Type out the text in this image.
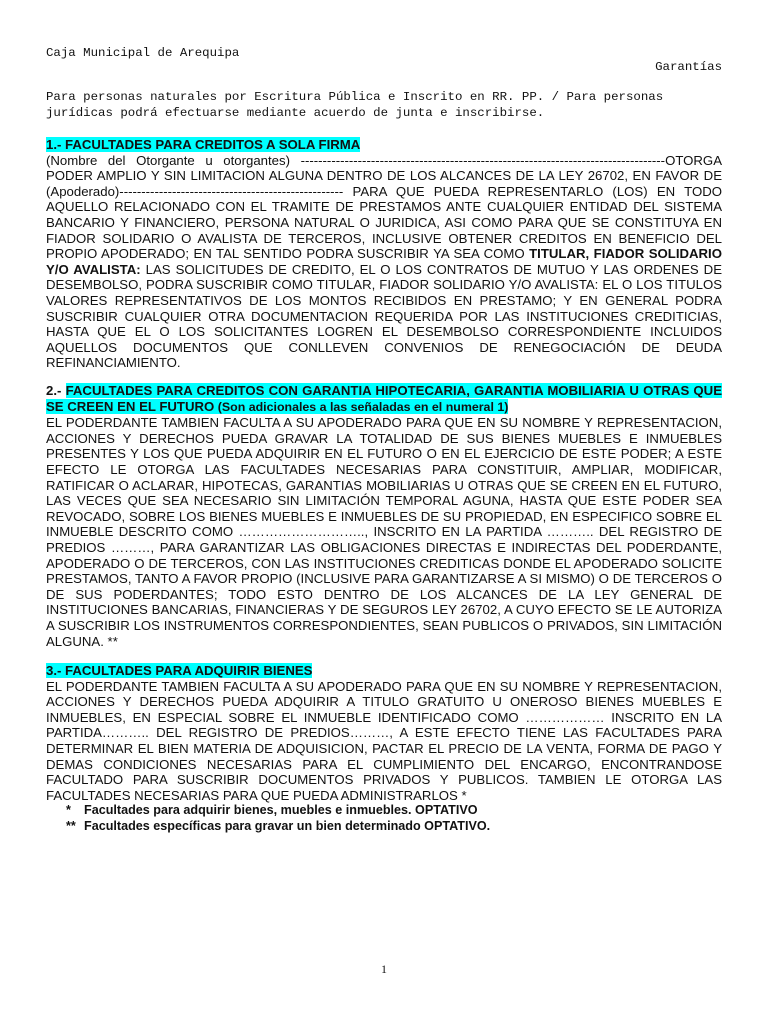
Caja Municipal de Arequipa
Garantías
Para personas naturales por Escritura Pública e Inscrito en RR. PP. / Para personas
jurídicas podrá efectuarse mediante acuerdo de junta e inscribirse.
1.- FACULTADES PARA CREDITOS A SOLA FIRMA
(Nombre del Otorgante u otorgantes) -----------------------------------------------------------------------------------OTORGA PODER AMPLIO Y SIN LIMITACION ALGUNA DENTRO DE LOS ALCANCES DE LA LEY 26702, EN FAVOR DE (Apoderado)--------------------------------------------------- PARA QUE PUEDA REPRESENTARLO (LOS) EN TODO AQUELLO RELACIONADO CON EL TRAMITE DE PRESTAMOS ANTE CUALQUIER ENTIDAD DEL SISTEMA BANCARIO Y FINANCIERO, PERSONA NATURAL O JURIDICA, ASI COMO PARA QUE SE CONSTITUYA EN FIADOR SOLIDARIO O AVALISTA DE TERCEROS, INCLUSIVE OBTENER CREDITOS EN BENEFICIO DEL PROPIO APODERADO; EN TAL SENTIDO PODRA SUSCRIBIR YA SEA COMO TITULAR, FIADOR SOLIDARIO Y/O AVALISTA: LAS SOLICITUDES DE CREDITO, EL O LOS CONTRATOS DE MUTUO Y LAS ORDENES DE DESEMBOLSO, PODRA SUSCRIBIR COMO TITULAR, FIADOR SOLIDARIO Y/O AVALISTA: EL O LOS TITULOS VALORES REPRESENTATIVOS DE LOS MONTOS RECIBIDOS EN PRESTAMO; Y EN GENERAL PODRA SUSCRIBIR CUALQUIER OTRA DOCUMENTACION REQUERIDA POR LAS INSTITUCIONES CREDITICIAS, HASTA QUE EL O LOS SOLICITANTES LOGREN EL DESEMBOLSO CORRESPONDIENTE INCLUIDOS AQUELLOS DOCUMENTOS QUE CONLLEVEN CONVENIOS DE RENEGOCIACIÓN DE DEUDA REFINANCIAMIENTO.
2.- FACULTADES PARA CREDITOS CON GARANTIA HIPOTECARIA, GARANTIA MOBILIARIA U OTRAS QUE SE CREEN EN EL FUTURO (Son adicionales a las señaladas en el numeral 1)
EL PODERDANTE TAMBIEN FACULTA A SU APODERADO PARA QUE EN SU NOMBRE Y REPRESENTACION, ACCIONES Y DERECHOS PUEDA GRAVAR LA TOTALIDAD DE SUS BIENES MUEBLES E INMUEBLES PRESENTES Y LOS QUE PUEDA ADQUIRIR EN EL FUTURO O EN EL EJERCICIO DE ESTE PODER; A ESTE EFECTO LE OTORGA LAS FACULTADES NECESARIAS PARA CONSTITUIR, AMPLIAR, MODIFICAR, RATIFICAR O ACLARAR, HIPOTECAS, GARANTIAS MOBILIARIAS U OTRAS QUE SE CREEN EN EL FUTURO, LAS VECES QUE SEA NECESARIO SIN LIMITACIÓN TEMPORAL AGUNA, HASTA QUE ESTE PODER SEA REVOCADO, SOBRE LOS BIENES MUEBLES E INMUEBLES DE SU PROPIEDAD, EN ESPECIFICO SOBRE EL INMUEBLE DESCRITO COMO ……………………….., INSCRITO EN LA PARTIDA ……….. DEL REGISTRO DE PREDIOS ………, PARA GARANTIZAR LAS OBLIGACIONES DIRECTAS E INDIRECTAS DEL PODERDANTE, APODERADO O DE TERCEROS, CON LAS INSTITUCIONES CREDITICAS DONDE EL APODERADO SOLICITE PRESTAMOS, TANTO A FAVOR PROPIO (INCLUSIVE PARA GARANTIZARSE A SI MISMO) O DE TERCEROS O DE SUS PODERDANTES; TODO ESTO DENTRO DE LOS ALCANCES DE LA LEY GENERAL DE INSTITUCIONES BANCARIAS, FINANCIERAS Y DE SEGUROS LEY 26702, A CUYO EFECTO SE LE AUTORIZA A SUSCRIBIR LOS INSTRUMENTOS CORRESPONDIENTES, SEAN PUBLICOS O PRIVADOS, SIN LIMITACIÓN ALGUNA. **
3.- FACULTADES PARA ADQUIRIR BIENES
EL PODERDANTE TAMBIEN FACULTA A SU APODERADO PARA QUE EN SU NOMBRE Y REPRESENTACION, ACCIONES Y DERECHOS PUEDA ADQUIRIR A TITULO GRATUITO U ONEROSO BIENES MUEBLES E INMUEBLES, EN ESPECIAL SOBRE EL INMUEBLE IDENTIFICADO COMO ……………… INSCRITO EN LA PARTIDA……….. DEL REGISTRO DE PREDIOS………, A ESTE EFECTO TIENE LAS FACULTADES PARA DETERMINAR EL BIEN MATERIA DE ADQUISICION, PACTAR EL PRECIO DE LA VENTA, FORMA DE PAGO Y DEMAS CONDICIONES NECESARIAS PARA EL CUMPLIMIENTO DEL ENCARGO, ENCONTRANDOSE FACULTADO PARA SUSCRIBIR DOCUMENTOS PRIVADOS Y PUBLICOS. TAMBIEN LE OTORGA LAS FACULTADES NECESARIAS PARA QUE PUEDA ADMINISTRARLOS *
* Facultades para adquirir bienes, muebles e inmuebles. OPTATIVO
** Facultades específicas para gravar un bien determinado OPTATIVO.
1
